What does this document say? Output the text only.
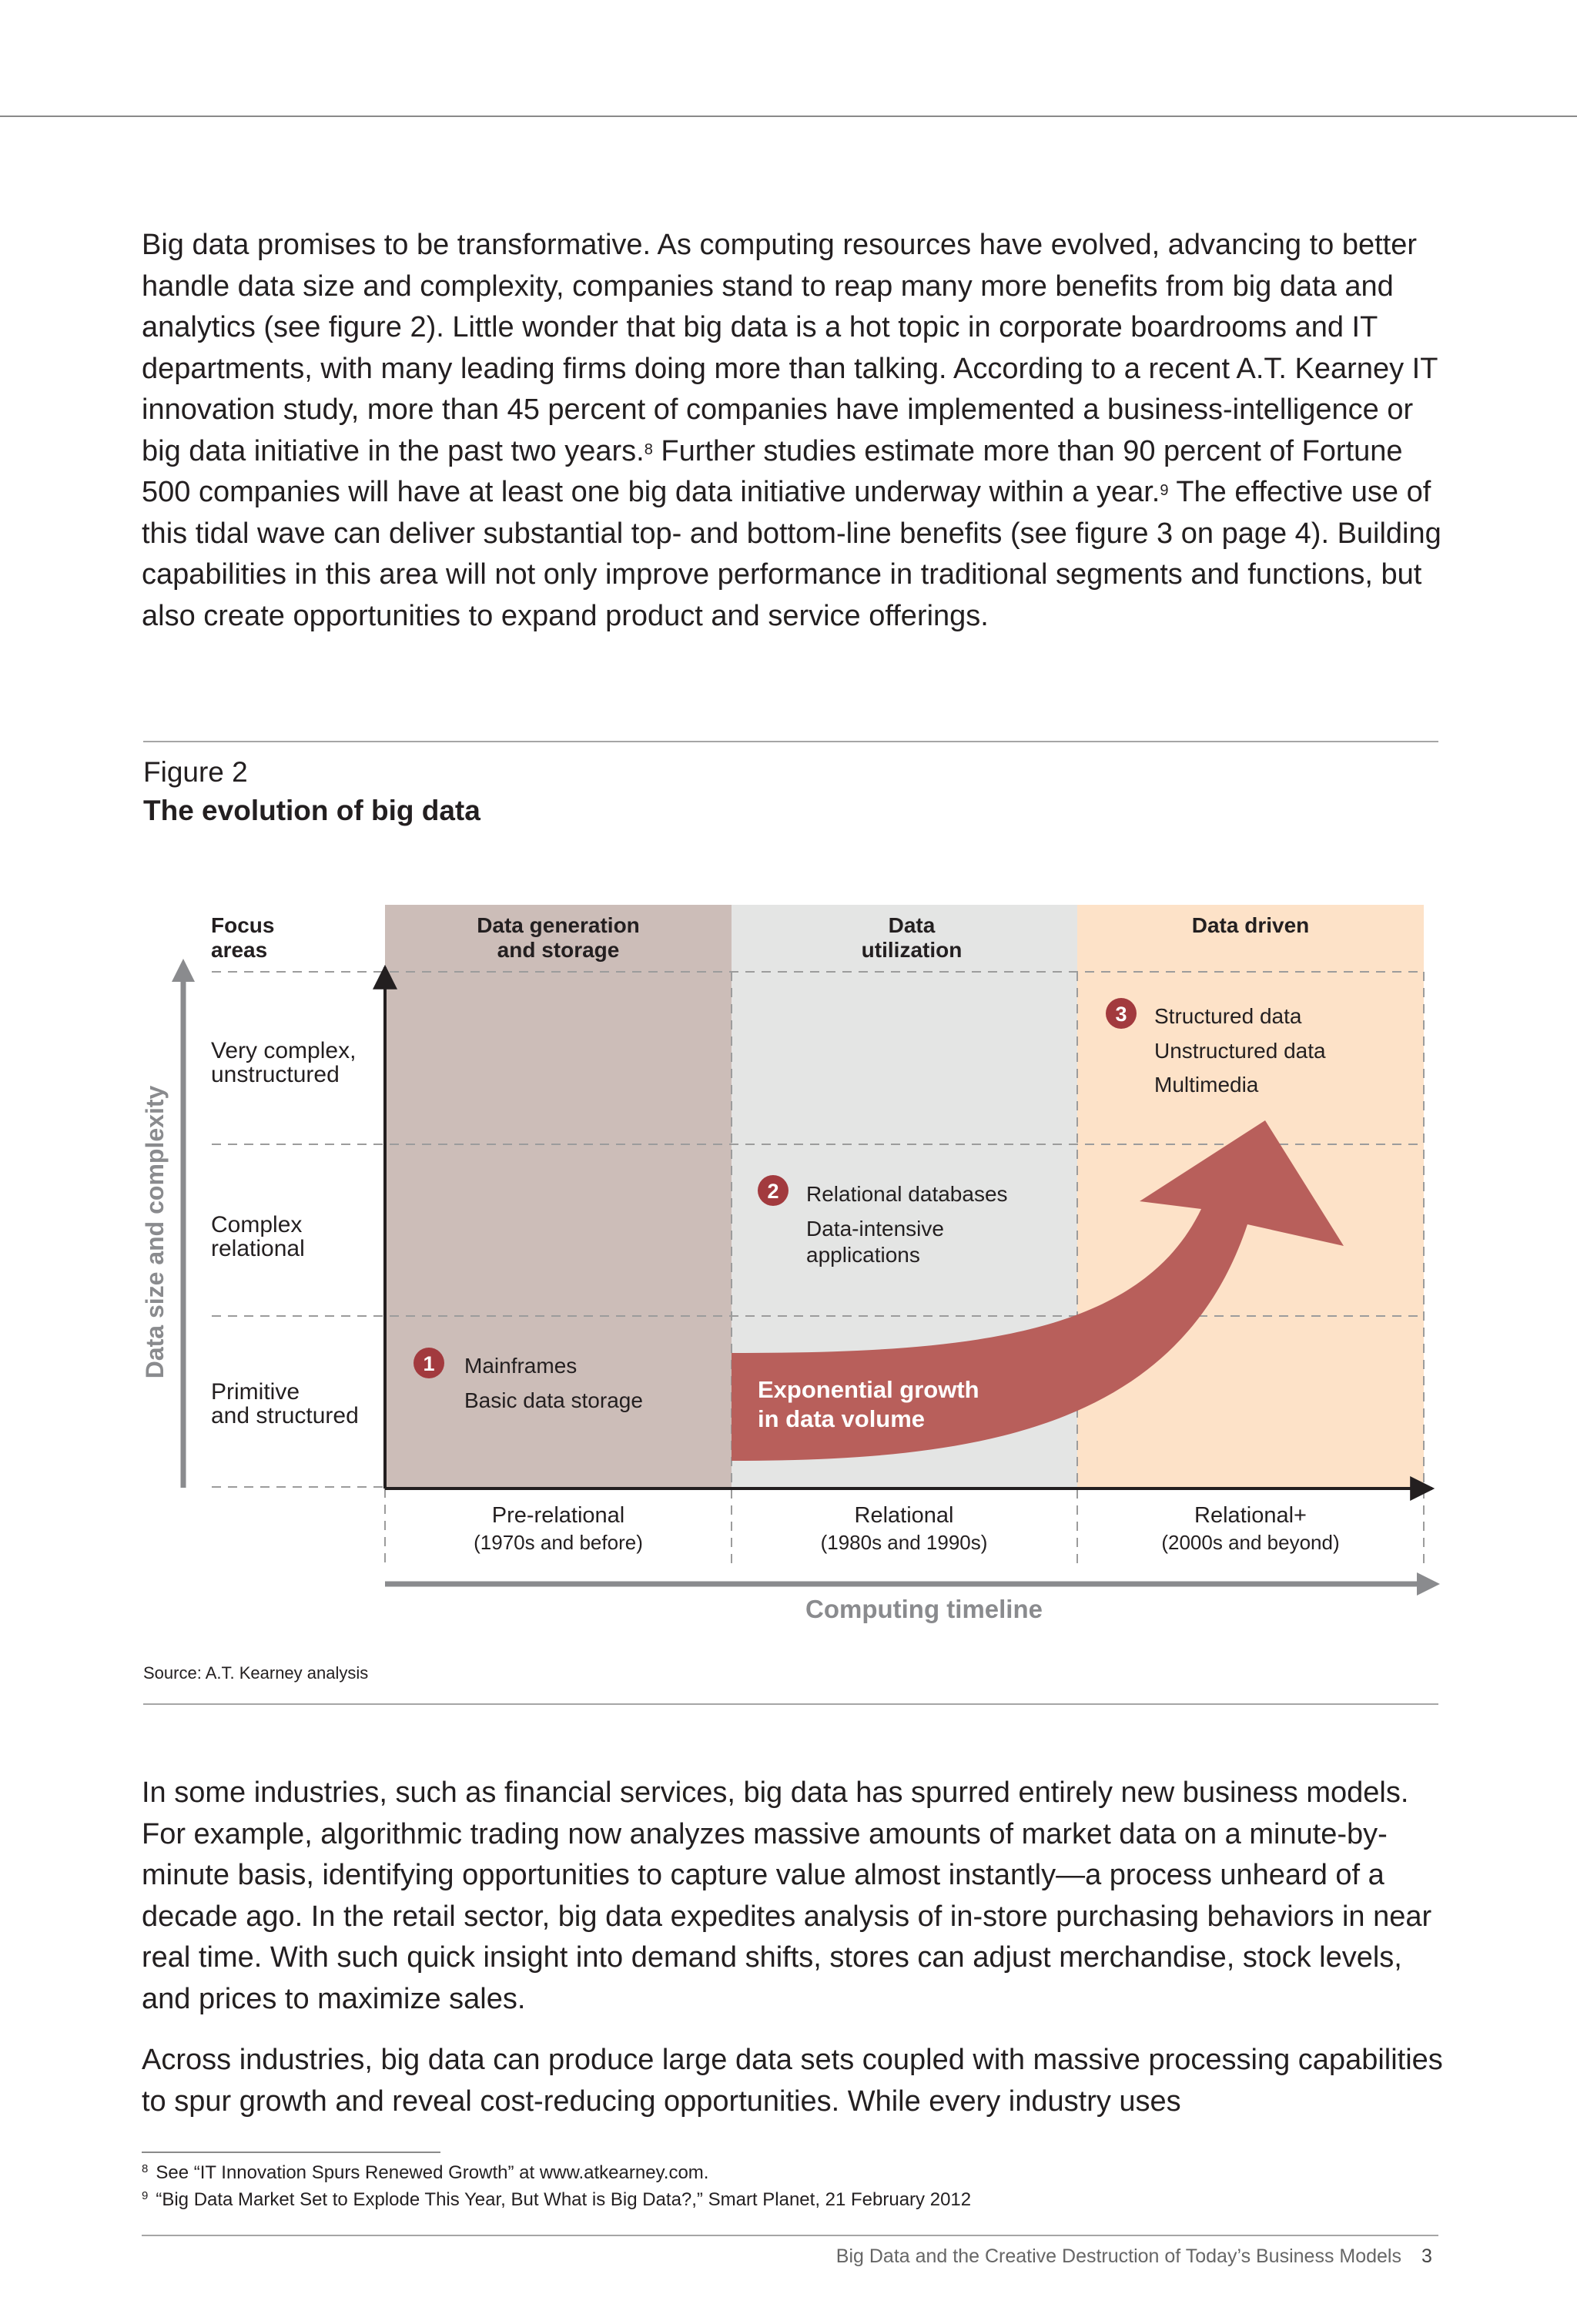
Big data promises to be transformative. As computing resources have evolved, advancing to better handle data size and complexity, companies stand to reap many more benefits from big data and analytics (see figure 2). Little wonder that big data is a hot topic in corporate boardrooms and IT departments, with many leading firms doing more than talking. According to a recent A.T. Kearney IT innovation study, more than 45 percent of companies have implemented a business-intelligence or big data initiative in the past two years.$^8$ Further studies estimate more than 90 percent of Fortune 500 companies will have at least one big data initiative underway within a year.$^9$ The effective use of this tidal wave can deliver substantial top- and bottom-line benefits (see figure 3 on page 4). Building capabilities in this area will not only improve performance in traditional segments and functions, but also create opportunities to expand product and service offerings.

Figure 2
The evolution of big data
Data size and complexity
Computing timeline
Focus
areas
Very complex,
unstructured
Complex
relational
Primitive
and structured
Data generation
and storage
Data
utilization
Data driven
1 Mainframes
Basic data storage
2 Relational databases
Data-intensive
applications
3 Structured data
Unstructured data
Multimedia
Exponential growth
in data volume
Pre-relational
(1970s and before)
Relational
(1980s and 1990s)
Relational+
(2000s and beyond)
Source: A.T. Kearney analysis

In some industries, such as financial services, big data has spurred entirely new business models. For example, algorithmic trading now analyzes massive amounts of market data on a minute-by-minute basis, identifying opportunities to capture value almost instantly—a process unheard of a decade ago. In the retail sector, big data expedites analysis of in-store purchasing behaviors in near real time. With such quick insight into demand shifts, stores can adjust merchandise, stock levels, and prices to maximize sales.

Across industries, big data can produce large data sets coupled with massive processing capabilities to spur growth and reveal cost-reducing opportunities. While every industry uses

$^8$ See “IT Innovation Spurs Renewed Growth” at www.atkearney.com.
$^9$ “Big Data Market Set to Explode This Year, But What is Big Data?,” Smart Planet, 21 February 2012
Big Data and the Creative Destruction of Today’s Business Models 3
